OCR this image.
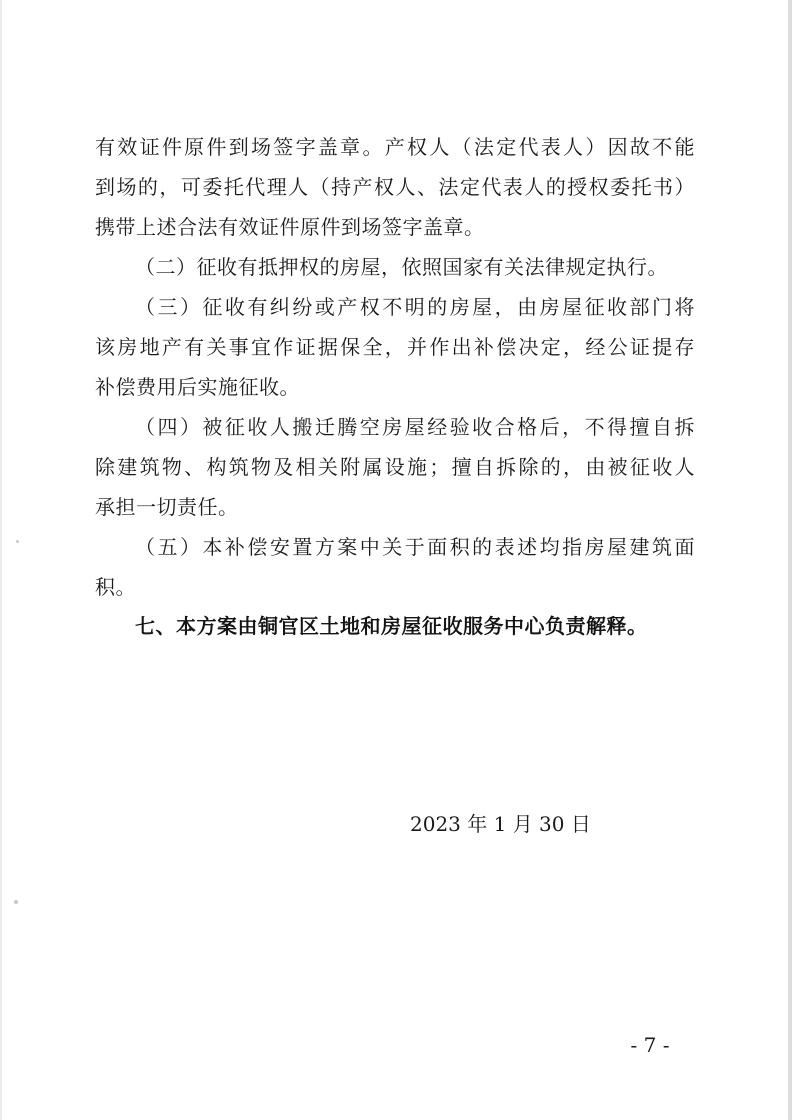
有效证件原件到场签字盖章。产权人（法定代表人）因故不能
到场的，可委托代理人（持产权人、法定代表人的授权委托书）
携带上述合法有效证件原件到场签字盖章。
（二）征收有抵押权的房屋，依照国家有关法律规定执行。
（三）征收有纠纷或产权不明的房屋，由房屋征收部门将
该房地产有关事宜作证据保全，并作出补偿决定，经公证提存
补偿费用后实施征收。
（四）被征收人搬迁腾空房屋经验收合格后，不得擅自拆
除建筑物、构筑物及相关附属设施；擅自拆除的，由被征收人
承担一切责任。
（五）本补偿安置方案中关于面积的表述均指房屋建筑面
积。
七、本方案由铜官区土地和房屋征收服务中心负责解释。
2023 年 1 月 30 日
- 7 -
